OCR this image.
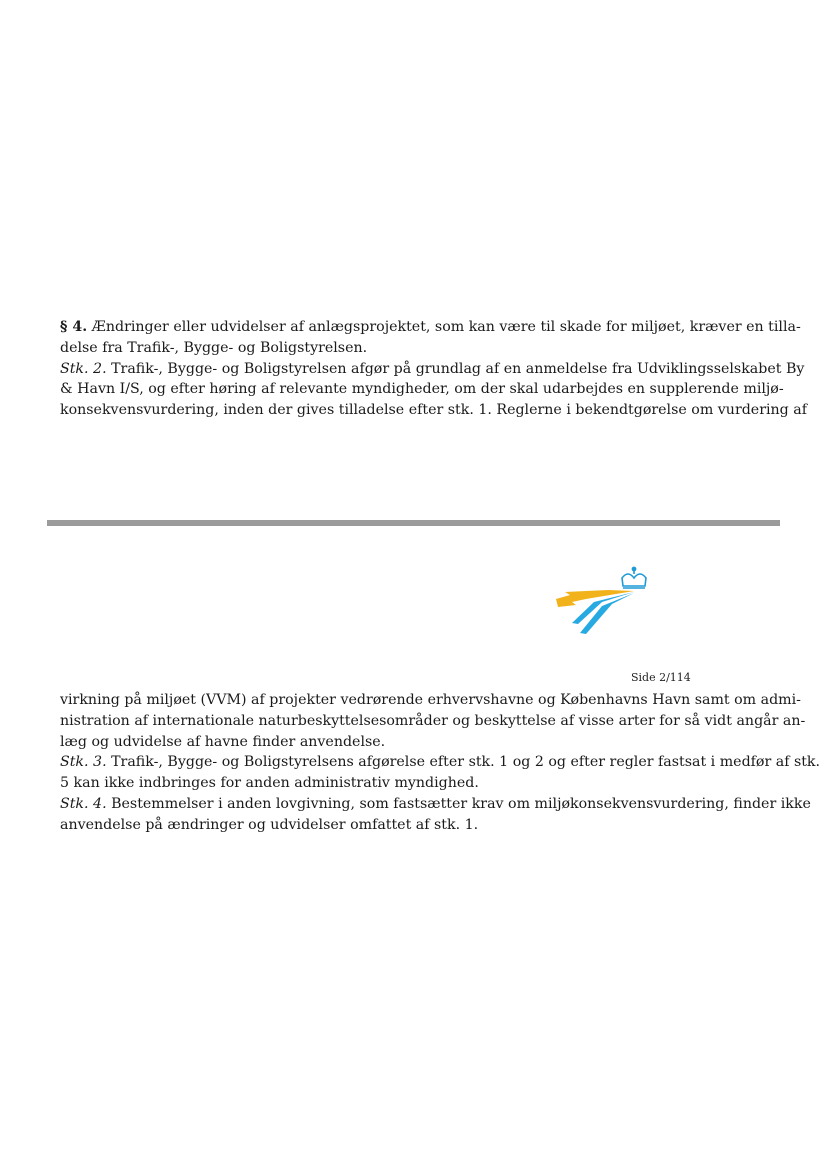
§ 4. Ændringer eller udvidelser af anlægsprojektet, som kan være til skade for miljøet, kræver en tilla-
delse fra Trafik-, Bygge- og Boligstyrelsen.
Stk. 2. Trafik-, Bygge- og Boligstyrelsen afgør på grundlag af en anmeldelse fra Udviklingsselskabet By
& Havn I/S, og efter høring af relevante myndigheder, om der skal udarbejdes en supplerende miljø-
konsekvensvurdering, inden der gives tilladelse efter stk. 1. Reglerne i bekendtgørelse om vurdering af
Side 2/114
virkning på miljøet (VVM) af projekter vedrørende erhvervshavne og Københavns Havn samt om admi-
nistration af internationale naturbeskyttelsesområder og beskyttelse af visse arter for så vidt angår an-
læg og udvidelse af havne finder anvendelse.
Stk. 3. Trafik-, Bygge- og Boligstyrelsens afgørelse efter stk. 1 og 2 og efter regler fastsat i medfør af stk.
5 kan ikke indbringes for anden administrativ myndighed.
Stk. 4. Bestemmelser i anden lovgivning, som fastsætter krav om miljøkonsekvensvurdering, finder ikke
anvendelse på ændringer og udvidelser omfattet af stk. 1.
